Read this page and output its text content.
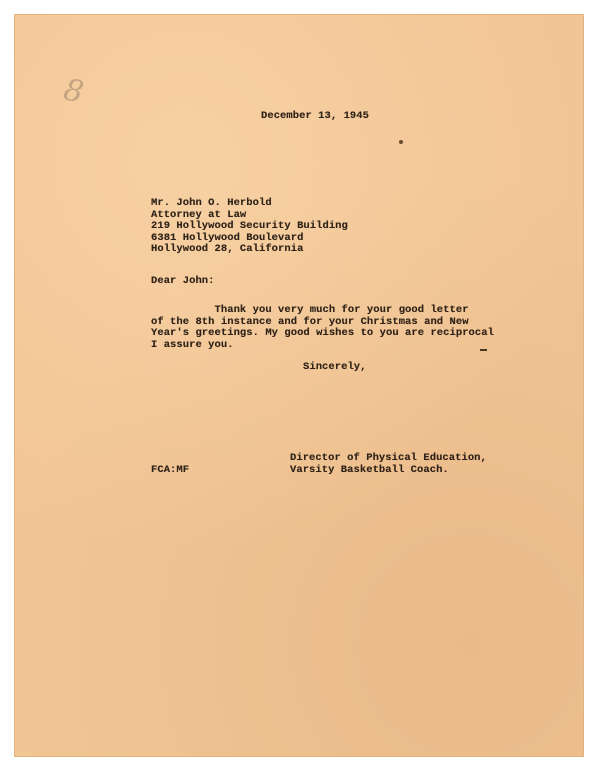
8

December 13, 1945

Mr. John O. Herbold
Attorney at Law
219 Hollywood Security Building
6381 Hollywood Boulevard
Hollywood 28, California

Dear John:

Thank you very much for your good letter
of the 8th instance and for your Christmas and New
Year's greetings. My good wishes to you are reciprocal
I assure you.

Sincerely,

Director of Physical Education,
Varsity Basketball Coach.

FCA:MF
